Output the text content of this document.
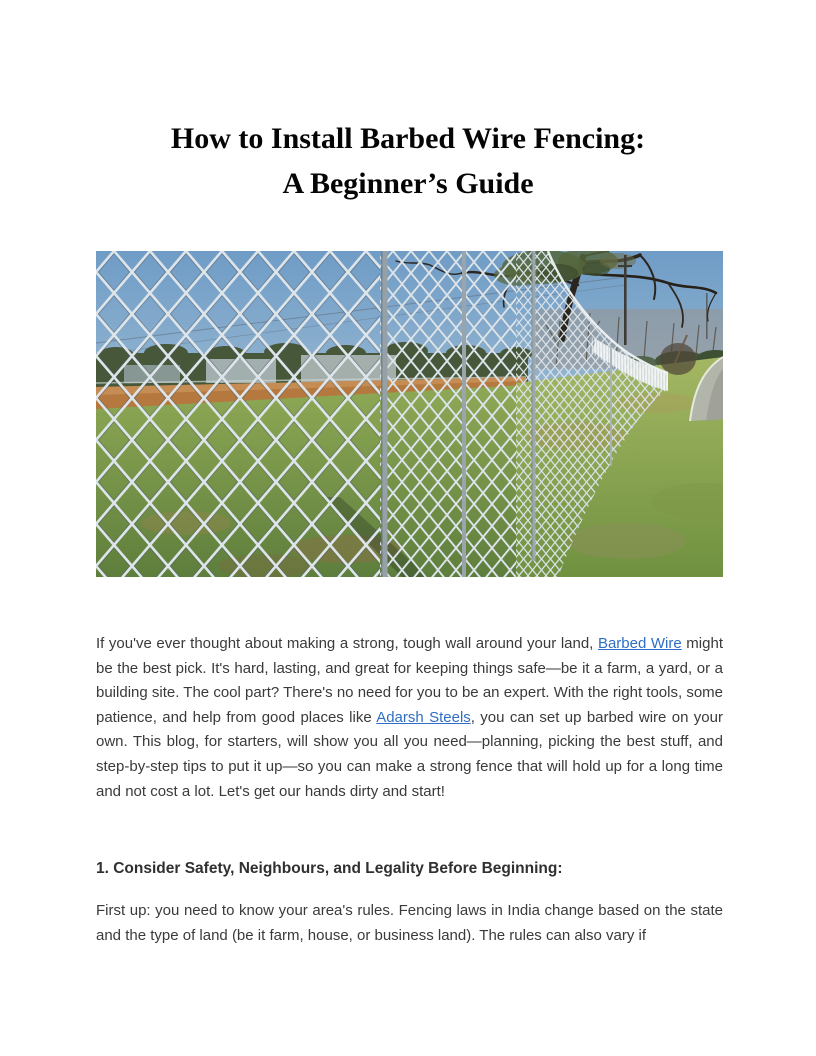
How to Install Barbed Wire Fencing:
A Beginner’s Guide

If you've ever thought about making a strong, tough wall around your land, Barbed Wire might be the best pick. It's hard, lasting, and great for keeping things safe—be it a farm, a yard, or a building site. The cool part? There's no need for you to be an expert. With the right tools, some patience, and help from good places like Adarsh Steels, you can set up barbed wire on your own. This blog, for starters, will show you all you need—planning, picking the best stuff, and step-by-step tips to put it up—so you can make a strong fence that will hold up for a long time and not cost a lot. Let's get our hands dirty and start!

1. Consider Safety, Neighbours, and Legality Before Beginning:

First up: you need to know your area's rules. Fencing laws in India change based on the state and the type of land (be it farm, house, or business land). The rules can also vary if
